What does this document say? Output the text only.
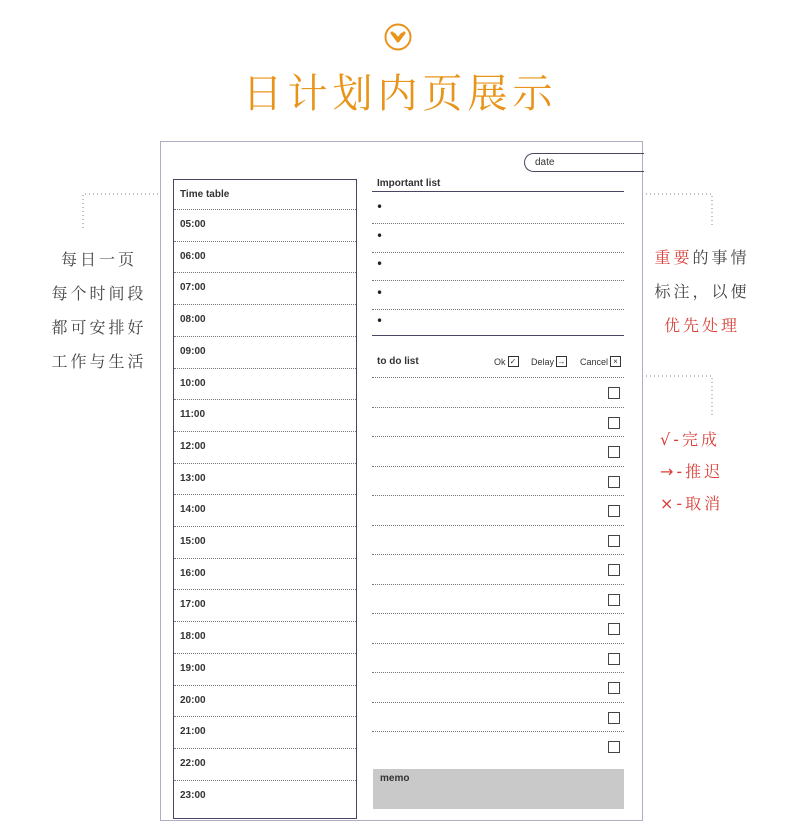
日计划内页展示
每日一页
每个时间段
都可安排好
工作与生活
重要的事情
标注，以便
优先处理
√-完成
→-推迟
×-取消
date
Time table
05:00
06:00
07:00
08:00
09:00
10:00
11:00
12:00
13:00
14:00
15:00
16:00
17:00
18:00
19:00
20:00
21:00
22:00
23:00
Important list
•
•
•
•
•
to do list	Ok ✓ Delay → Cancel ×
memo
